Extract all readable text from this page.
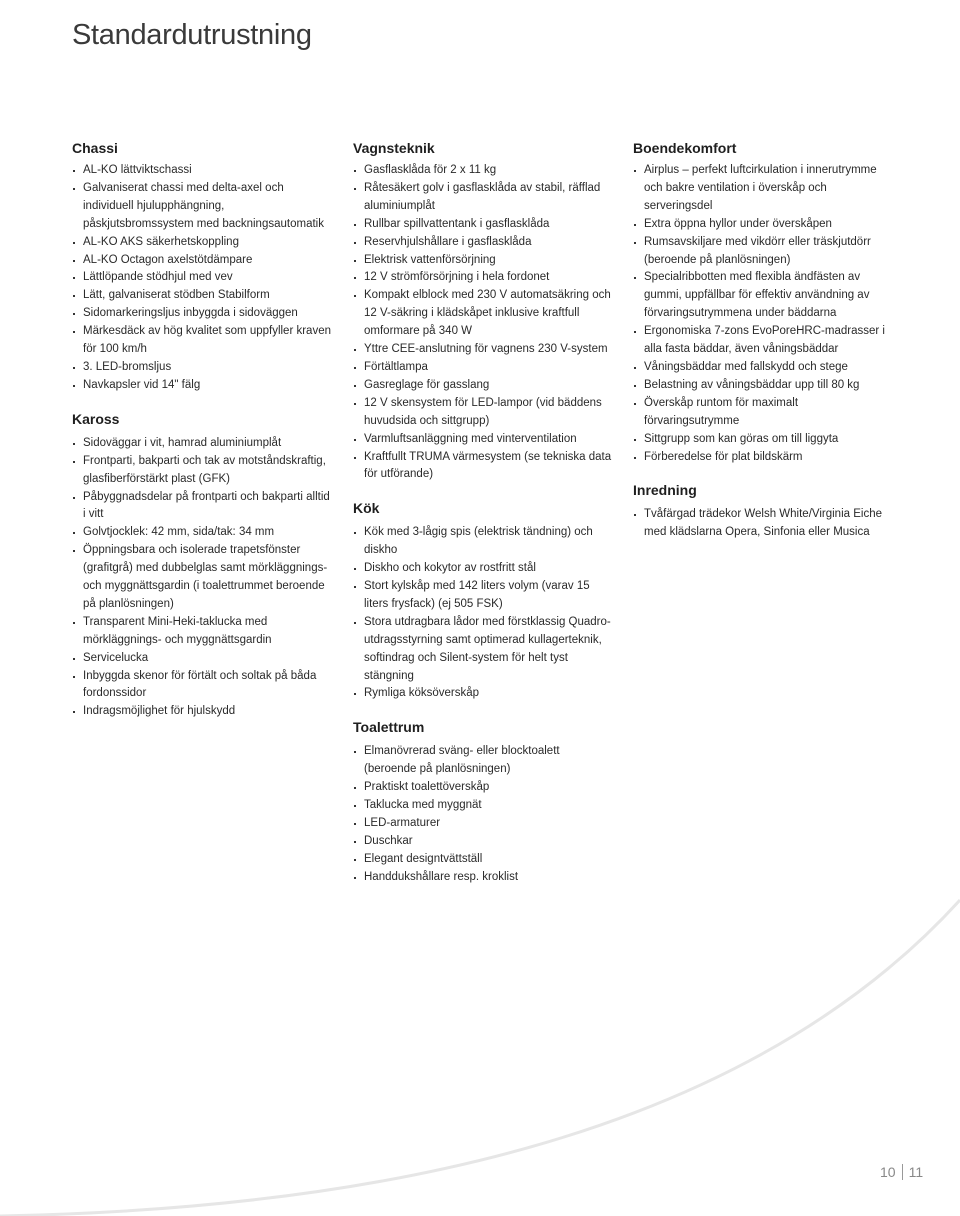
Standardutrustning
Chassi
AL-KO lättviktschassi
Galvaniserat chassi med delta-axel och individuell hjulupphängning, påskjutsbromssystem med backningsautomatik
AL-KO AKS säkerhetskoppling
AL-KO Octagon axelstötdämpare
Lättlöpande stödhjul med vev
Lätt, galvaniserat stödben Stabilform
Sidomarkeringsljus inbyggda i sidoväggen
Märkesdäck av hög kvalitet som uppfyller kraven för 100 km/h
3. LED-bromsljus
Navkapsler vid 14" fälg
Kaross
Sidoväggar i vit, hamrad aluminiumplåt
Frontparti, bakparti och tak av motståndskraftig, glasfiberförstärkt plast (GFK)
Påbyggnadsdelar på frontparti och bakparti alltid i vitt
Golvtjocklek: 42 mm, sida/tak: 34 mm
Öppningsbara och isolerade trapetsfönster (grafitgrå) med dubbelglas samt mörkläggnings- och myggnättsgardin (i toalettrummet beroende på planlösningen)
Transparent Mini-Heki-taklucka med mörkläggnings- och myggnättsgardin
Servicelucka
Inbyggda skenor för förtält och soltak på båda fordonssidor
Indragsmöjlighet för hjulskydd
Vagnsteknik
Gasflasklåda för 2 x 11 kg
Råtesäkert golv i gasflasklåda av stabil, räfflad aluminiumplåt
Rullbar spillvattentank i gasflasklåda
Reservhjulshållare i gasflasklåda
Elektrisk vattenförsörjning
12 V strömförsörjning i hela fordonet
Kompakt elblock med 230 V automatsäkring och 12 V-säkring i klädskåpet inklusive kraftfull omformare på 340 W
Yttre CEE-anslutning för vagnens 230 V-system
Förtältlampa
Gasreglage för gasslang
12 V skensystem för LED-lampor (vid bäddens huvudsida och sittgrupp)
Varmluftsanläggning med vinterventilation
Kraftfullt TRUMA värmesystem (se tekniska data för utförande)
Kök
Kök med 3-lågig spis (elektrisk tändning) och diskho
Diskho och kokytor av rostfritt stål
Stort kylskåp med 142 liters volym (varav 15 liters frysfack) (ej 505 FSK)
Stora utdragbara lådor med förstklassig Quadro-utdragsstyrning samt optimerad kullagerteknik, softindrag och Silent-system för helt tyst stängning
Rymliga köksöverskåp
Toalettrum
Elmanövrerad sväng- eller blocktoalett (beroende på planlösningen)
Praktiskt toalettöverskåp
Taklucka med myggnät
LED-armaturer
Duschkar
Elegant designtvättställ
Handdukshållare resp. kroklist
Boendekomfort
Airplus – perfekt luftcirkulation i innerutrymme och bakre ventilation i överskåp och serveringsdel
Extra öppna hyllor under överskåpen
Rumsavskiljare med vikdörr eller träskjutdörr (beroende på planlösningen)
Specialribbotten med flexibla ändfästen av gummi, uppfällbar för effektiv användning av förvaringsutrymmena under bäddarna
Ergonomiska 7-zons EvoPoreHRC-madrasser i alla fasta bäddar, även våningsbäddar
Våningsbäddar med fallskydd och stege
Belastning av våningsbäddar upp till 80 kg
Överskåp runtom för maximalt förvaringsutrymme
Sittgrupp som kan göras om till liggyta
Förberedelse för plat bildskärm
Inredning
Tvåfärgad trädekor Welsh White/Virginia Eiche med klädslarna Opera, Sinfonia eller Musica
10 11
